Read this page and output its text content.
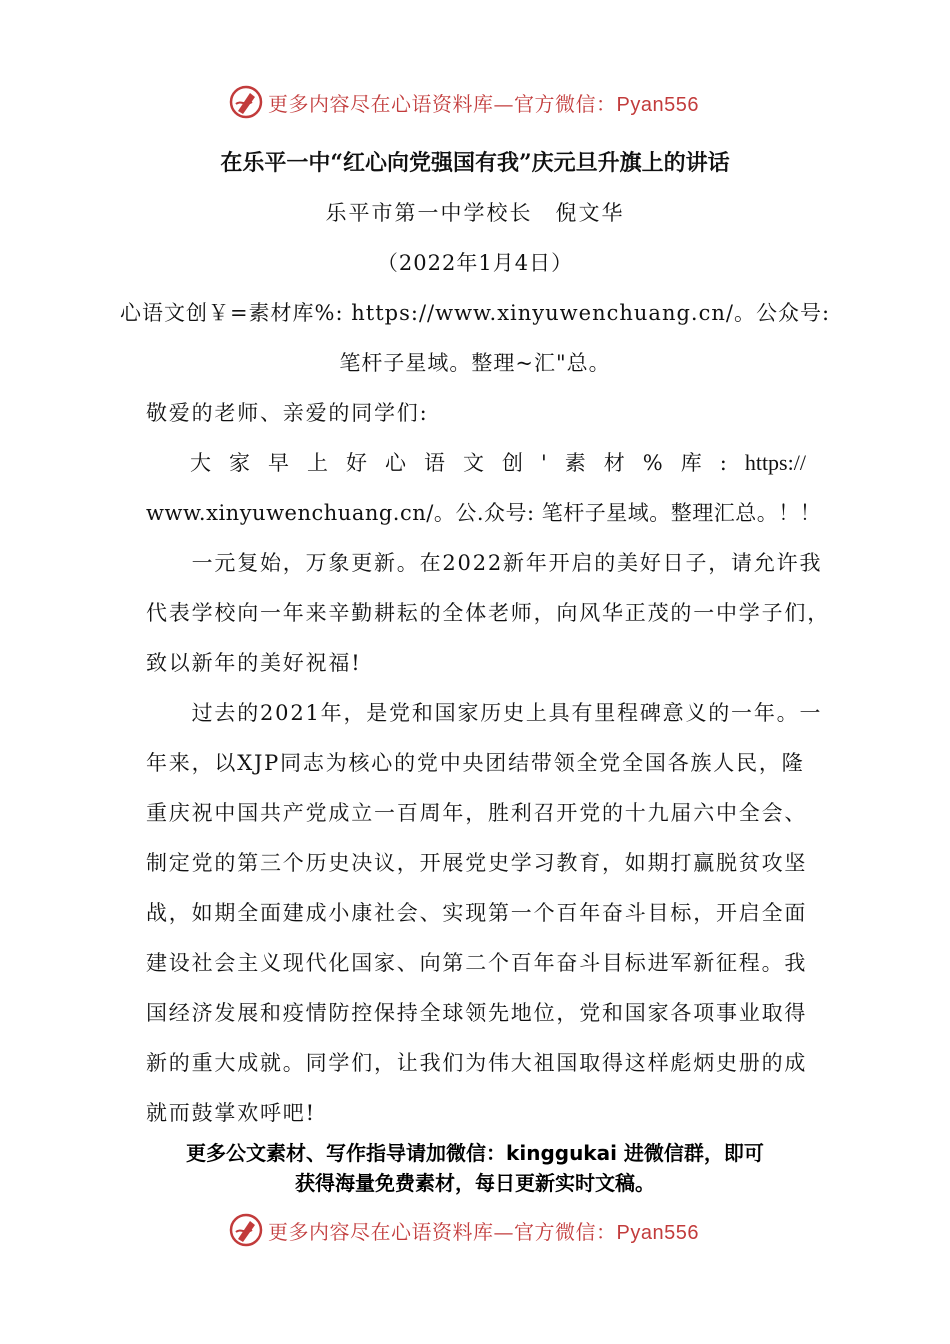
更多内容尽在心语资料库—官方微信：Pyan556
在乐平一中“红心向党强国有我”庆元旦升旗上的讲话
乐平市第一中学校长　倪文华
（2022年1月4日）
心语文创￥=素材库%: https://www.xinyuwenchuang.cn/。公众号:
笔杆子星域。整理~汇"总。
敬爱的老师、亲爱的同学们:
大 家 早 上 好 心 语 文 创 ' 素 材 % 库 : https://
www.xinyuwenchuang.cn/。公.众号: 笔杆子星域。整理汇总。！！
　　一元复始，万象更新。在2022新年开启的美好日子，请允许我
代表学校向一年来辛勤耕耘的全体老师，向风华正茂的一中学子们，
致以新年的美好祝福!
　　过去的2021年，是党和国家历史上具有里程碑意义的一年。一
年来，以XJP同志为核心的党中央团结带领全党全国各族人民，隆
重庆祝中国共产党成立一百周年，胜利召开党的十九届六中全会、
制定党的第三个历史决议，开展党史学习教育，如期打赢脱贫攻坚
战，如期全面建成小康社会、实现第一个百年奋斗目标，开启全面
建设社会主义现代化国家、向第二个百年奋斗目标进军新征程。我
国经济发展和疫情防控保持全球领先地位，党和国家各项事业取得
新的重大成就。同学们，让我们为伟大祖国取得这样彪炳史册的成
就而鼓掌欢呼吧!
更多公文素材、写作指导请加微信：kinggukai 进微信群，即可
获得海量免费素材，每日更新实时文稿。
更多内容尽在心语资料库—官方微信：Pyan556
